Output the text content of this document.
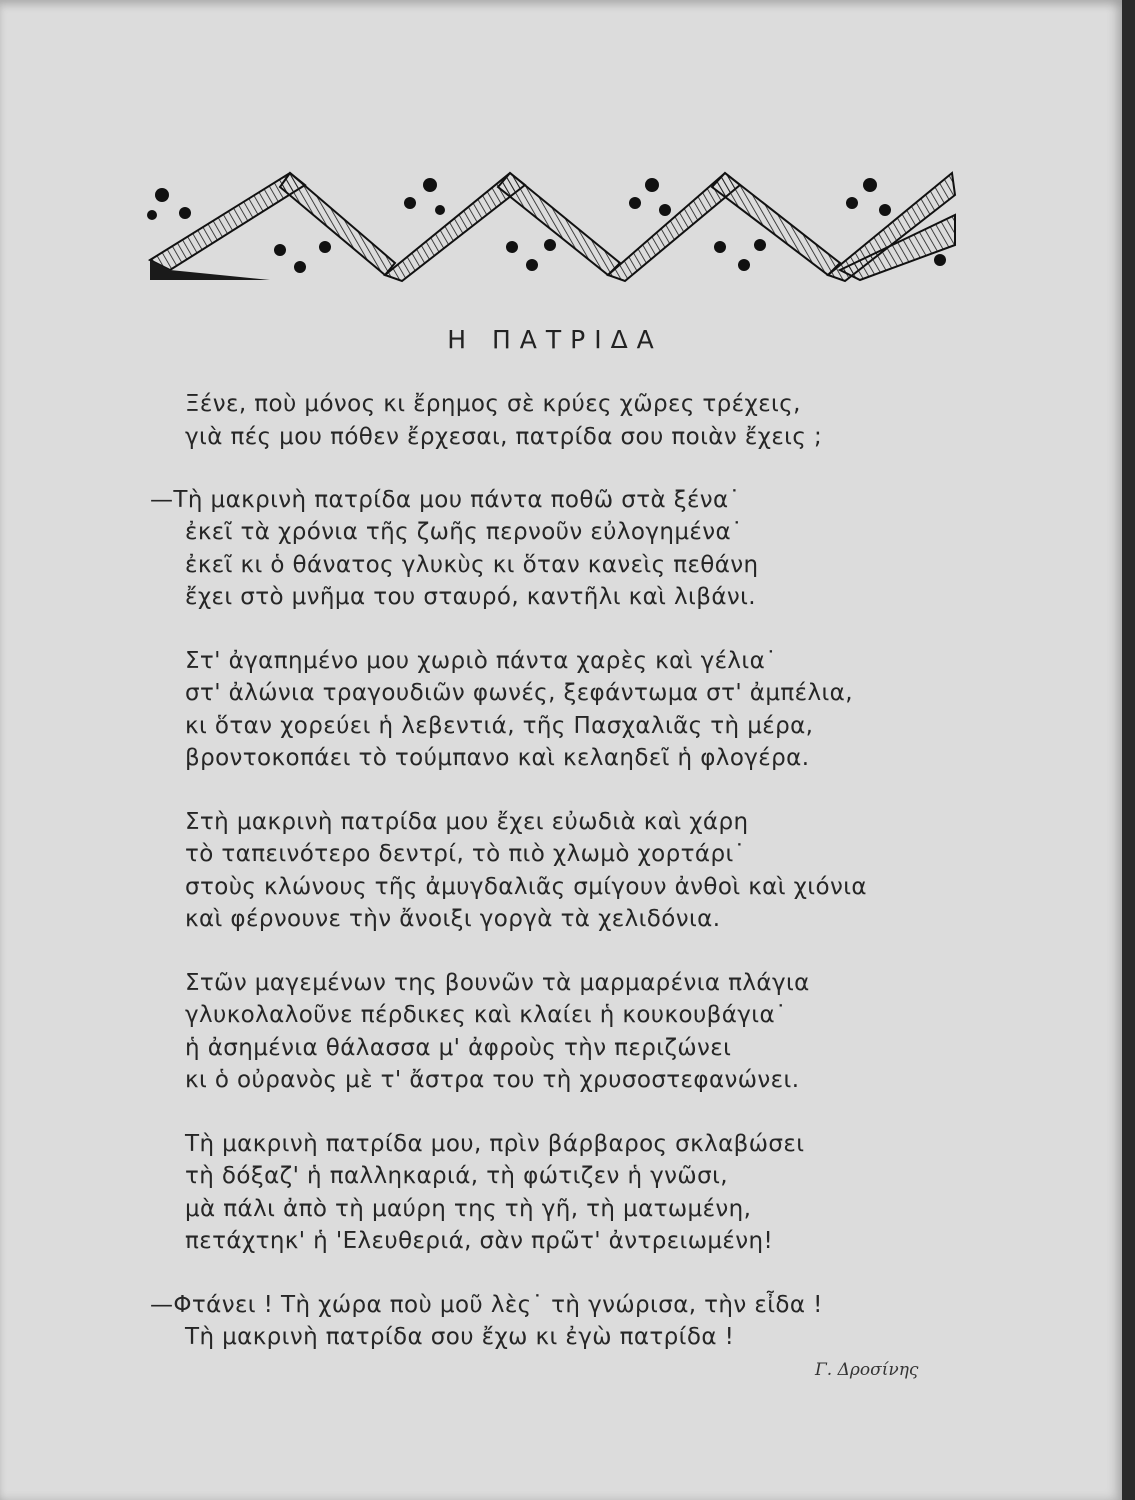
Η ΠΑΤΡΙΔΑ
Ξένε, ποὺ μόνος κι ἔρημος σὲ κρύες χῶρες τρέχεις,
γιὰ πές μου πόθεν ἔρχεσαι, πατρίδα σου ποιὰν ἔχεις ;
—Τὴ μακρινὴ πατρίδα μου πάντα ποθῶ στὰ ξένα˙
ἐκεῖ τὰ χρόνια τῆς ζωῆς περνοῦν εὐλογημένα˙
ἐκεῖ κι ὁ θάνατος γλυκὺς κι ὅταν κανεὶς πεθάνη
ἔχει στὸ μνῆμα του σταυρό, καντῆλι καὶ λιβάνι.
Στ' ἀγαπημένο μου χωριὸ πάντα χαρὲς καὶ γέλια˙
στ' ἀλώνια τραγουδιῶν φωνές, ξεφάντωμα στ' ἀμπέλια,
κι ὅταν χορεύει ἡ λεβεντιά, τῆς Πασχαλιᾶς τὴ μέρα,
βροντοκοπάει τὸ τούμπανο καὶ κελαηδεῖ ἡ φλογέρα.
Στὴ μακρινὴ πατρίδα μου ἔχει εὐωδιὰ καὶ χάρη
τὸ ταπεινότερο δεντρί, τὸ πιὸ χλωμὸ χορτάρι˙
στοὺς κλώνους τῆς ἀμυγδαλιᾶς σμίγουν ἀνθοὶ καὶ χιόνια
καὶ φέρνουνε τὴν ἄνοιξι γοργὰ τὰ χελιδόνια.
Στῶν μαγεμένων της βουνῶν τὰ μαρμαρένια πλάγια
γλυκολαλοῦνε πέρδικες καὶ κλαίει ἡ κουκουβάγια˙
ἡ ἀσημένια θάλασσα μ' ἀφροὺς τὴν περιζώνει
κι ὁ οὐρανὸς μὲ τ' ἄστρα του τὴ χρυσοστεφανώνει.
Τὴ μακρινὴ πατρίδα μου, πρὶν βάρβαρος σκλαβώσει
τὴ δόξαζ' ἡ παλληκαριά, τὴ φώτιζεν ἡ γνῶσι,
μὰ πάλι ἀπὸ τὴ μαύρη της τὴ γῆ, τὴ ματωμένη,
πετάχτηκ' ἡ 'Ελευθεριά, σὰν πρῶτ' ἀντρειωμένη!
—Φτάνει ! Τὴ χώρα ποὺ μοῦ λὲς˙ τὴ γνώρισα, τὴν εἶδα !
Τὴ μακρινὴ πατρίδα σου ἔχω κι ἐγὼ πατρίδα !
Γ. Δροσίνης
